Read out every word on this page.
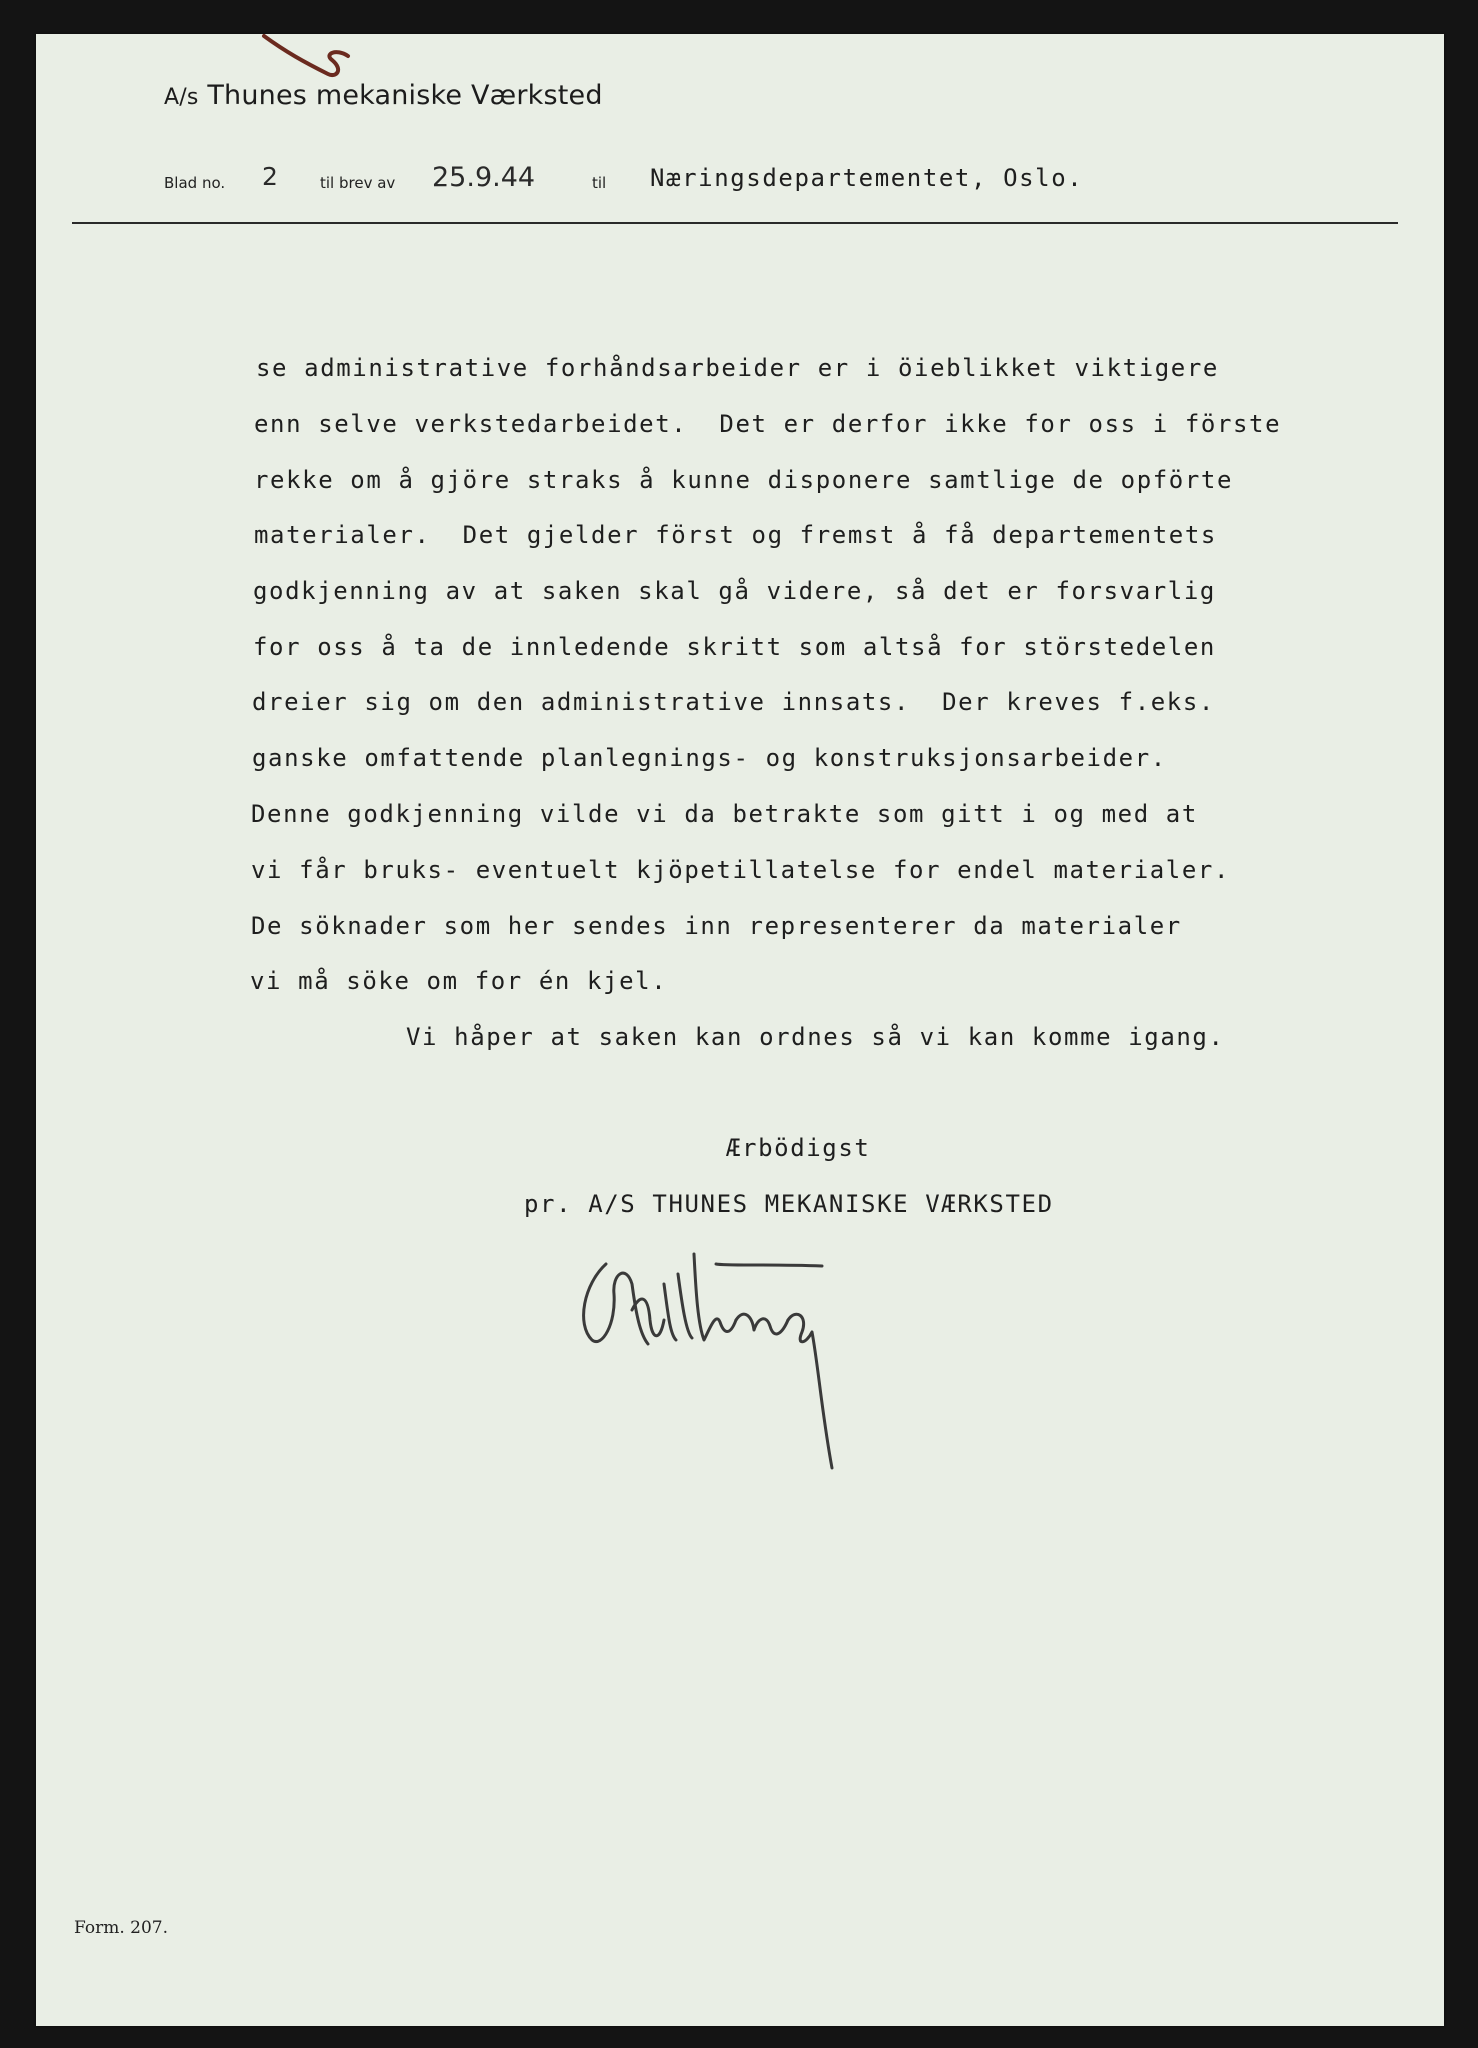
A/s Thunes mekaniske Værksted
Blad no. 2	til brev av 25.9.44	til Næringsdepartementet, Oslo.
se administrative forhåndsarbeider er i öieblikket viktigere
enn selve verkstedarbeidet.  Det er derfor ikke for oss i förste
rekke om å gjöre straks å kunne disponere samtlige de opförte
materialer.  Det gjelder först og fremst å få departementets
godkjenning av at saken skal gå videre, så det er forsvarlig
for oss å ta de innledende skritt som altså for störstedelen
dreier sig om den administrative innsats.  Der kreves f.eks.
ganske omfattende planlegnings- og konstruksjonsarbeider.
Denne godkjenning vilde vi da betrakte som gitt i og med at
vi får bruks- eventuelt kjöpetillatelse for endel materialer.
De söknader som her sendes inn representerer da materialer
vi må söke om for én kjel.
Vi håper at saken kan ordnes så vi kan komme igang.
Ærbödigst
pr. A/S THUNES MEKANISKE VÆRKSTED
Form. 207.
